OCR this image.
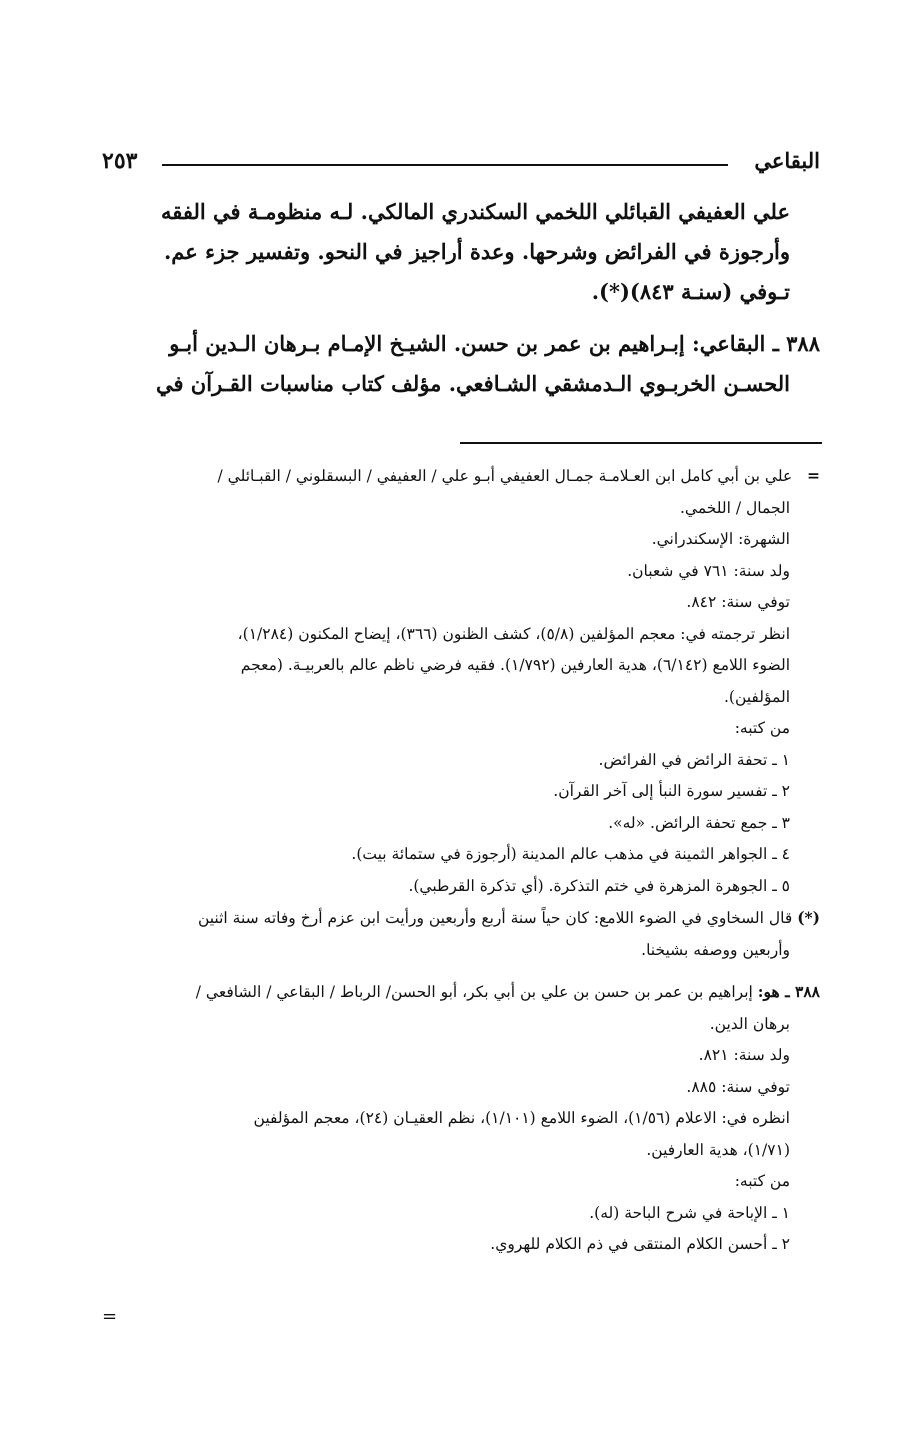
البقاعي
٢٥٣

علي العفيفي القبائلي اللخمي السكندري المالكي. لـه منظومـة في الفقه

وأرجوزة في الفرائض وشرحها. وعدة أراجيز في النحو. وتفسير جزء عم.

تـوفي (سنـة ٨٤٣)(*).

٣٨٨ ـ البقاعي: إبـراهيم بن عمر بن حسن. الشيـخ الإمـام بـرهان الـدين أبـو

الحسـن الخربـوي الـدمشقي الشـافعي. مؤلف كتاب مناسبات القـرآن في

=   علي بن أبي كامل ابن العـلامـة جمـال العفيفي أبـو علي / العفيفي / البسقلوني / القبـائلي /

الجمال / اللخمي.

الشهرة: الإسكندراني.

ولد سنة: ٧٦١ في شعبان.

توفي سنة: ٨٤٢.

انظر ترجمته في: معجم المؤلفين (٥/٨)، كشف الظنون (٣٦٦)، إيضاح المكنون (١/٢٨٤)،

الضوء اللامع (٦/١٤٢)، هدية العارفين (١/٧٩٢). فقيه فرضي ناظم عالم بالعربيـة. (معجم

المؤلفين).

من كتبه:

١ ـ تحفة الرائض في الفرائض.

٢ ـ تفسير سورة النبأ إلى آخر القرآن.

٣ ـ جمع تحفة الرائض. «له».

٤ ـ الجواهر الثمينة في مذهب عالم المدينة (أرجوزة في ستمائة بيت).

٥ ـ الجوهرة المزهرة في ختم التذكرة. (أي تذكرة القرطبي).

(*) قال السخاوي في الضوء اللامع: كان حياً سنة أربع وأربعين ورأيت ابن عزم أرخ وفاته سنة اثنين

وأربعين ووصفه بشيخنا.

٣٨٨ ـ هو: إبراهيم بن عمر بن حسن بن علي بن أبي بكر، أبو الحسن/ الرباط / البقاعي / الشافعي /

برهان الدين.

ولد سنة: ٨٢١.

توفي سنة: ٨٨٥.

انظره في: الاعلام (١/٥٦)، الضوء اللامع (١/١٠١)، نظم العقيـان (٢٤)، معجم المؤلفين

(١/٧١)، هدية العارفين.

من كتبه:

١ ـ الإباحة في شرح الباحة (له).

٢ ـ أحسن الكلام المنتقى في ذم الكلام للهروي.

=
